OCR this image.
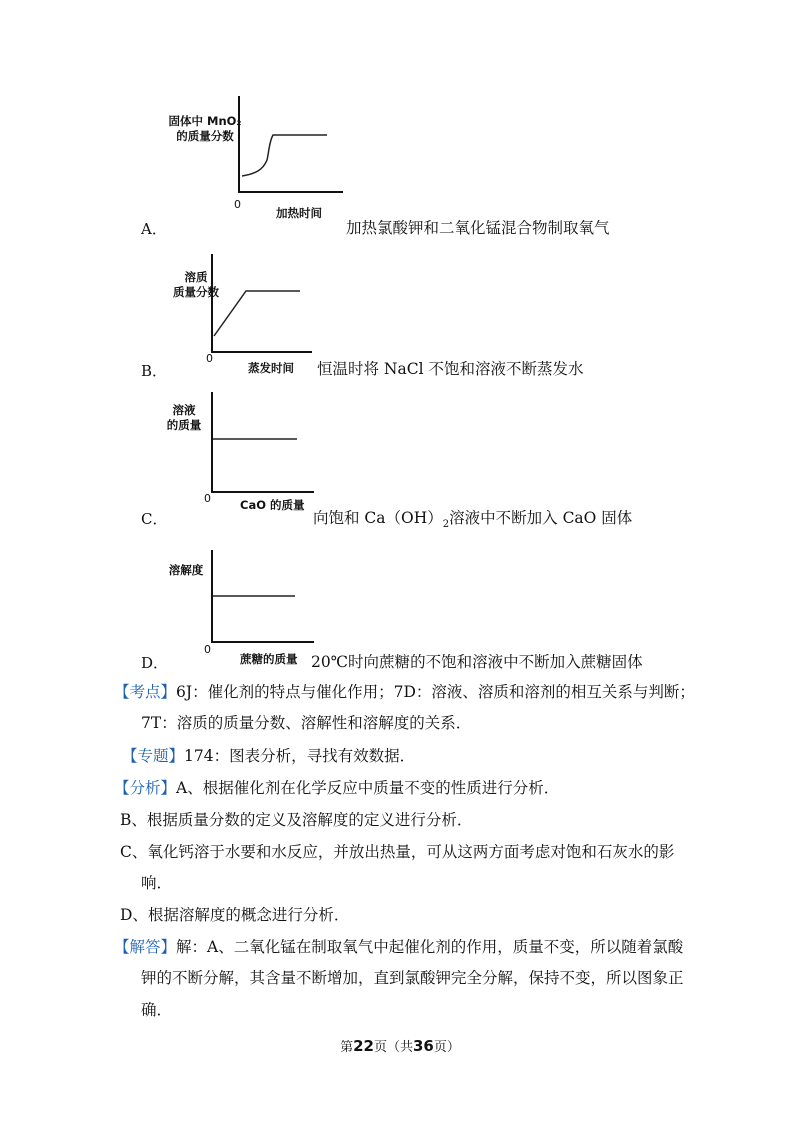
固体中 MnO₂
的质量分数
0
加热时间
A．	加热氯酸钾和二氧化锰混合物制取氧气
溶质
质量分数
0
蒸发时间
B．	恒温时将 NaCl 不饱和溶液不断蒸发水
溶液
的质量
0	CaO 的质量
C．	向饱和 $Ca(OH)_2$溶液中不断加入 CaO 固体
溶解度
0
蔗糖的质量
D．	20℃时向蔗糖的不饱和溶液中不断加入蔗糖固体
【考点】6J：催化剂的特点与催化作用；7D：溶液、溶质和溶剂的相互关系与判断；
7T：溶质的质量分数、溶解性和溶解度的关系．
【专题】174：图表分析，寻找有效数据．
【分析】A、根据催化剂在化学反应中质量不变的性质进行分析．
B、根据质量分数的定义及溶解度的定义进行分析．
C、氧化钙溶于水要和水反应，并放出热量，可从这两方面考虑对饱和石灰水的影
响．
D、根据溶解度的概念进行分析．
【解答】解：A、二氧化锰在制取氧气中起催化剂的作用，质量不变，所以随着氯酸
钾的不断分解，其含量不断增加，直到氯酸钾完全分解，保持不变，所以图象正
确．
第22页（共36页）
